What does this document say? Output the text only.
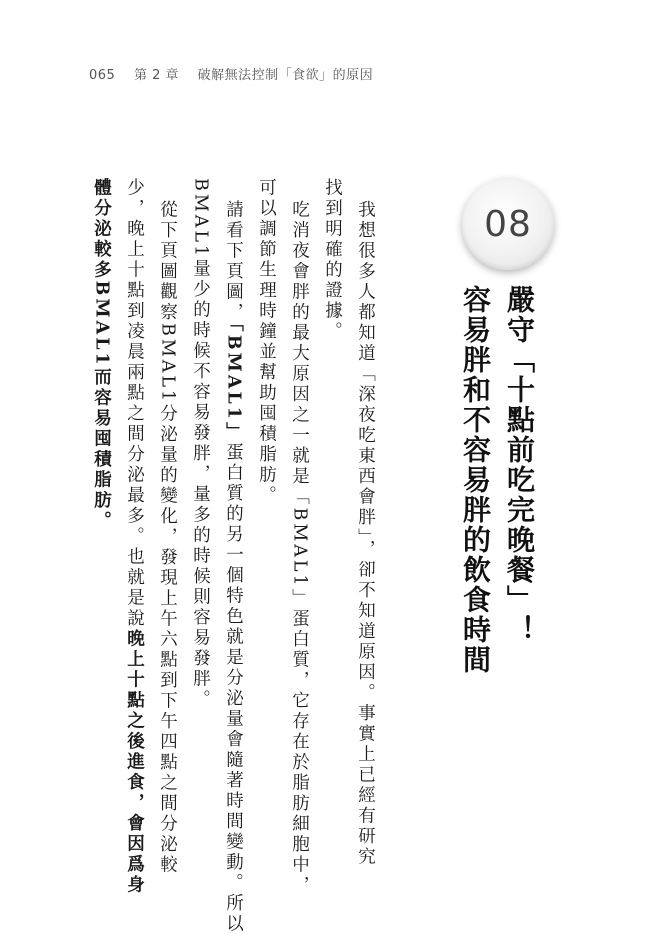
065 第 2 章 破解無法控制「食欲」的原因
08
嚴守「十點前吃完晚餐」！
容易胖和不容易胖的飲食時間
我想很多人都知道「深夜吃東西會胖」，卻不知道原因。事實上已經有研究
找到明確的證據。
吃消夜會胖的最大原因之一就是「BMAL1」蛋白質，它存在於脂肪細胞中，
可以調節生理時鐘並幫助囤積脂肪。
請看下頁圖，「BMAL1」蛋白質的另一個特色就是分泌量會隨著時間變動。所以
BMAL1量少的時候不容易發胖，量多的時候則容易發胖。
從下頁圖觀察BMAL1分泌量的變化，發現上午六點到下午四點之間分泌較
少，晚上十點到凌晨兩點之間分泌最多。也就是說晚上十點之後進食，會因爲身
體分泌較多BMAL1而容易囤積脂肪。
